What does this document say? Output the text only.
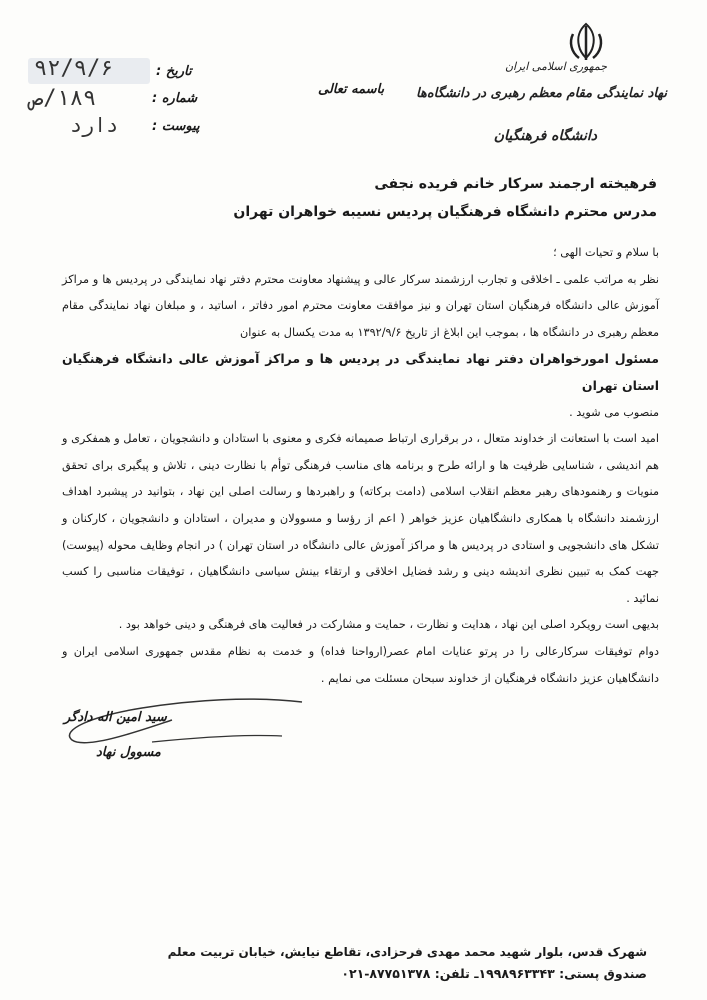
جمهوری اسلامی ایران
نهاد نمایندگی مقام معظم رهبری در دانشگاه‌ها
دانشگاه فرهنگیان
باسمه تعالی
تاریخ :
شماره :
پیوست :
۹۲/۹/۶
۱۸۹/ص
دارد
فرهیخته ارجمند سرکار خانم فریده نجفی
مدرس محترم دانشگاه فرهنگیان پردیس نسیبه خواهران تهران

با سلام و تحیات الهی ؛

نظر به مراتب علمی ـ اخلاقی و تجارب ارزشمند سرکار عالی و پیشنهاد معاونت محترم دفتر نهاد نمایندگی در پردیس ها و مراکز آموزش عالی دانشگاه فرهنگیان استان تهران و نیز موافقت معاونت محترم امور دفاتر ، اساتید ، و مبلغان نهاد نمایندگی مقام معظم رهبری در دانشگاه ها ، بموجب این ابلاغ از تاریخ ۱۳۹۲/۹/۶ به مدت یکسال به عنوان

مسئول امورخواهران دفتر نهاد نمایندگی در پردیس ها و مراکز آموزش عالی دانشگاه فرهنگیان استان تهران

منصوب می شوید .

امید است با استعانت از خداوند متعال ، در برقراری ارتباط صمیمانه فکری و معنوی با استادان و دانشجویان ، تعامل و همفکری و هم اندیشی ، شناسایی ظرفیت ها و ارائه طرح و برنامه های مناسب فرهنگی توأم با نظارت دینی ، تلاش و پیگیری برای تحقق منویات و رهنمودهای رهبر معظم انقلاب اسلامی (دامت برکاته) و راهبردها و رسالت اصلی این نهاد ، بتوانید در پیشبرد اهداف ارزشمند دانشگاه با همکاری دانشگاهیان عزیز خواهر ( اعم از رؤسا و مسوولان و مدیران ، استادان و دانشجویان ، کارکنان و تشکل های دانشجویی و استادی در پردیس ها و مراکز آموزش عالی دانشگاه در استان تهران ) در انجام وظایف محوله (پیوست) جهت کمک به تبیین نظری اندیشه دینی و رشد فضایل اخلاقی و ارتقاء بینش سیاسی دانشگاهیان ، توفیقات مناسبی را کسب نمائید .

بدیهی است رویکرد اصلی این نهاد ، هدایت و نظارت ، حمایت و مشارکت در فعالیت های فرهنگی و دینی خواهد بود .

دوام توفیقات سرکارعالی را در پرتو عنایات امام عصر(ارواحنا فداه) و خدمت به نظام مقدس جمهوری اسلامی ایران و دانشگاهیان عزیز دانشگاه فرهنگیان از خداوند سبحان مسئلت می نمایم .

سید امین اله دادگر
مسوول نهاد
شهرک قدس، بلوار شهید محمد مهدی فرحزادی، تقاطع نیایش، خیابان تربیت معلم
صندوق پستی: ۱۹۹۸۹۶۳۳۴۳ـ تلفن: ۸۷۷۵۱۳۷۸-۰۲۱
